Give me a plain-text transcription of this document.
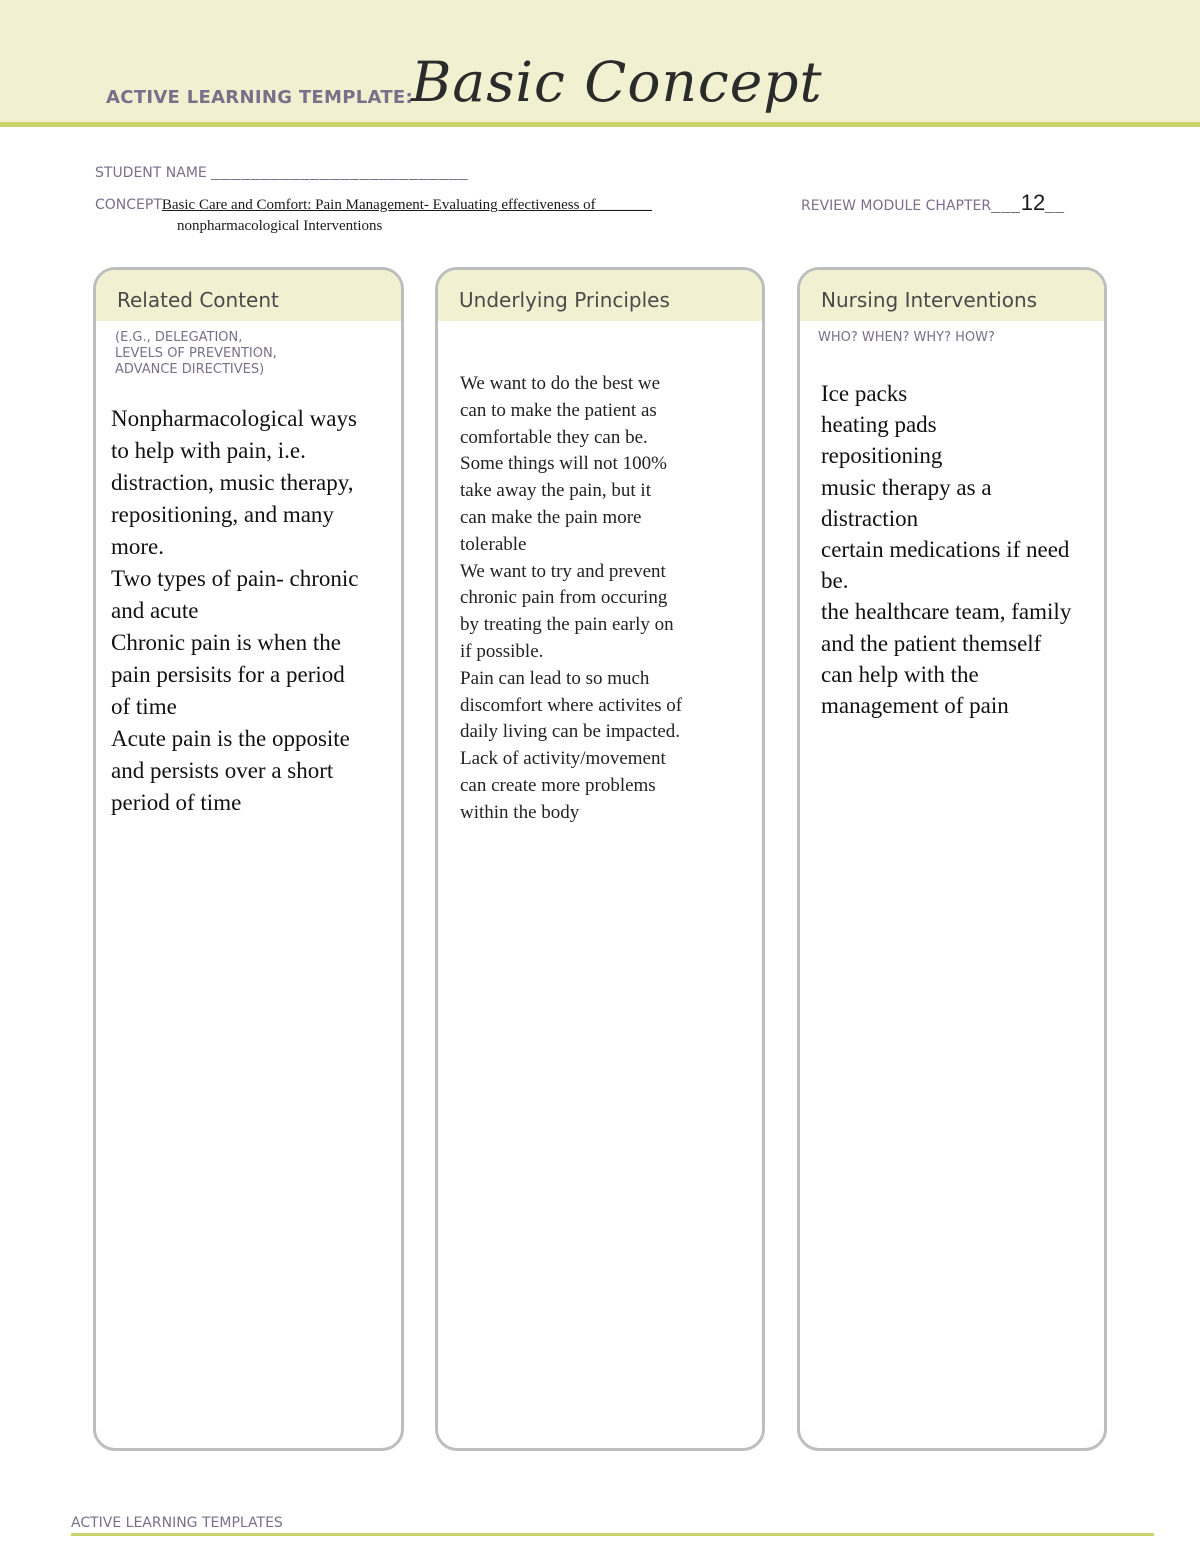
ACTIVE LEARNING TEMPLATE:
Basic Concept
STUDENT NAME __________________________
CONCEPTBasic Care and Comfort: Pain Management- Evaluating effectiveness of _______
nonpharmacological Interventions
REVIEW MODULE CHAPTER___12__
Related Content
(E.G., DELEGATION,
LEVELS OF PREVENTION,
ADVANCE DIRECTIVES)
Nonpharmacological ways
to help with pain, i.e.
distraction, music therapy,
repositioning, and many
more.
Two types of pain- chronic
and acute
Chronic pain is when the
pain persisits for a period
of time
Acute pain is the opposite
and persists over a short
period of time
Underlying Principles
We want to do the best we
can to make the patient as
comfortable they can be.
Some things will not 100%
take away the pain, but it
can make the pain more
tolerable
We want to try and prevent
chronic pain from occuring
by treating the pain early on
if possible.
Pain can lead to so much
discomfort where activites of
daily living can be impacted.
Lack of activity/movement
can create more problems
within the body
Nursing Interventions
WHO? WHEN? WHY? HOW?
Ice packs
heating pads
repositioning
music therapy as a
distraction
certain medications if need
be.
the healthcare team, family
and the patient themself
can help with the
management of pain
ACTIVE LEARNING TEMPLATES
